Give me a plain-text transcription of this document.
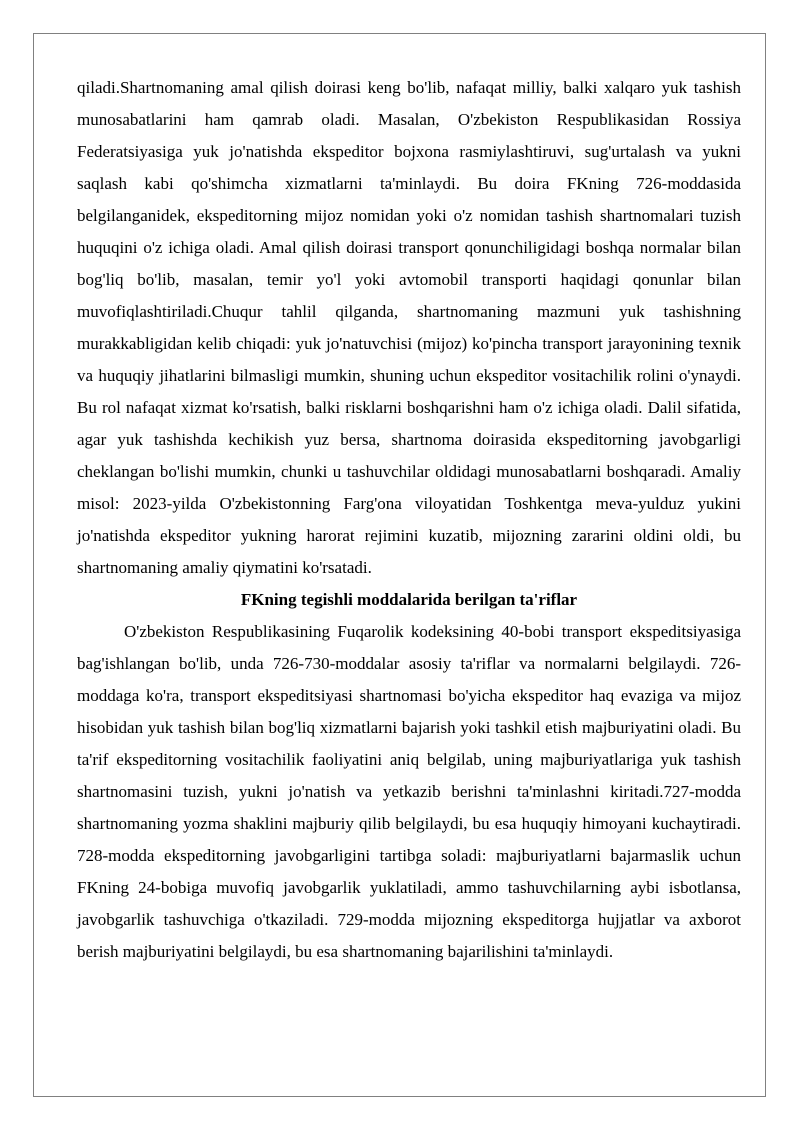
qiladi.Shartnomaning amal qilish doirasi keng bo'lib, nafaqat milliy, balki xalqaro yuk tashish munosabatlarini ham qamrab oladi. Masalan, O'zbekiston Respublikasidan Rossiya Federatsiyasiga yuk jo'natishda ekspeditor bojxona rasmiylashtiruvi, sug'urtalash va yukni saqlash kabi qo'shimcha xizmatlarni ta'minlaydi. Bu doira FKning 726-moddasida belgilanganidek, ekspeditorning mijoz nomidan yoki o'z nomidan tashish shartnomalari tuzish huquqini o'z ichiga oladi. Amal qilish doirasi transport qonunchiligidagi boshqa normalar bilan bog'liq bo'lib, masalan, temir yo'l yoki avtomobil transporti haqidagi qonunlar bilan muvofiqlashtiriladi.Chuqur tahlil qilganda, shartnomaning mazmuni yuk tashishning murakkabligidan kelib chiqadi: yuk jo'natuvchisi (mijoz) ko'pincha transport jarayonining texnik va huquqiy jihatlarini bilmasligi mumkin, shuning uchun ekspeditor vositachilik rolini o'ynaydi. Bu rol nafaqat xizmat ko'rsatish, balki risklarni boshqarishni ham o'z ichiga oladi. Dalil sifatida, agar yuk tashishda kechikish yuz bersa, shartnoma doirasida ekspeditorning javobgarligi cheklangan bo'lishi mumkin, chunki u tashuvchilar oldidagi munosabatlarni boshqaradi. Amaliy misol: 2023-yilda O'zbekistonning Farg'ona viloyatidan Toshkentga meva-yulduz yukini jo'natishda ekspeditor yukning harorat rejimini kuzatib, mijozning zararini oldini oldi, bu shartnomaning amaliy qiymatini ko'rsatadi.

FKning tegishli moddalarida berilgan ta'riflar

O'zbekiston Respublikasining Fuqarolik kodeksining 40-bobi transport ekspeditsiyasiga bag'ishlangan bo'lib, unda 726-730-moddalar asosiy ta'riflar va normalarni belgilaydi. 726-moddaga ko'ra, transport ekspeditsiyasi shartnomasi bo'yicha ekspeditor haq evaziga va mijoz hisobidan yuk tashish bilan bog'liq xizmatlarni bajarish yoki tashkil etish majburiyatini oladi. Bu ta'rif ekspeditorning vositachilik faoliyatini aniq belgilab, uning majburiyatlariga yuk tashish shartnomasini tuzish, yukni jo'natish va yetkazib berishni ta'minlashni kiritadi.727-modda shartnomaning yozma shaklini majburiy qilib belgilaydi, bu esa huquqiy himoyani kuchaytiradi. 728-modda ekspeditorning javobgarligini tartibga soladi: majburiyatlarni bajarmaslik uchun FKning 24-bobiga muvofiq javobgarlik yuklatiladi, ammo tashuvchilarning aybi isbotlansa, javobgarlik tashuvchiga o'tkaziladi. 729-modda mijozning ekspeditorga hujjatlar va axborot berish majburiyatini belgilaydi, bu esa shartnomaning bajarilishini ta'minlaydi.
